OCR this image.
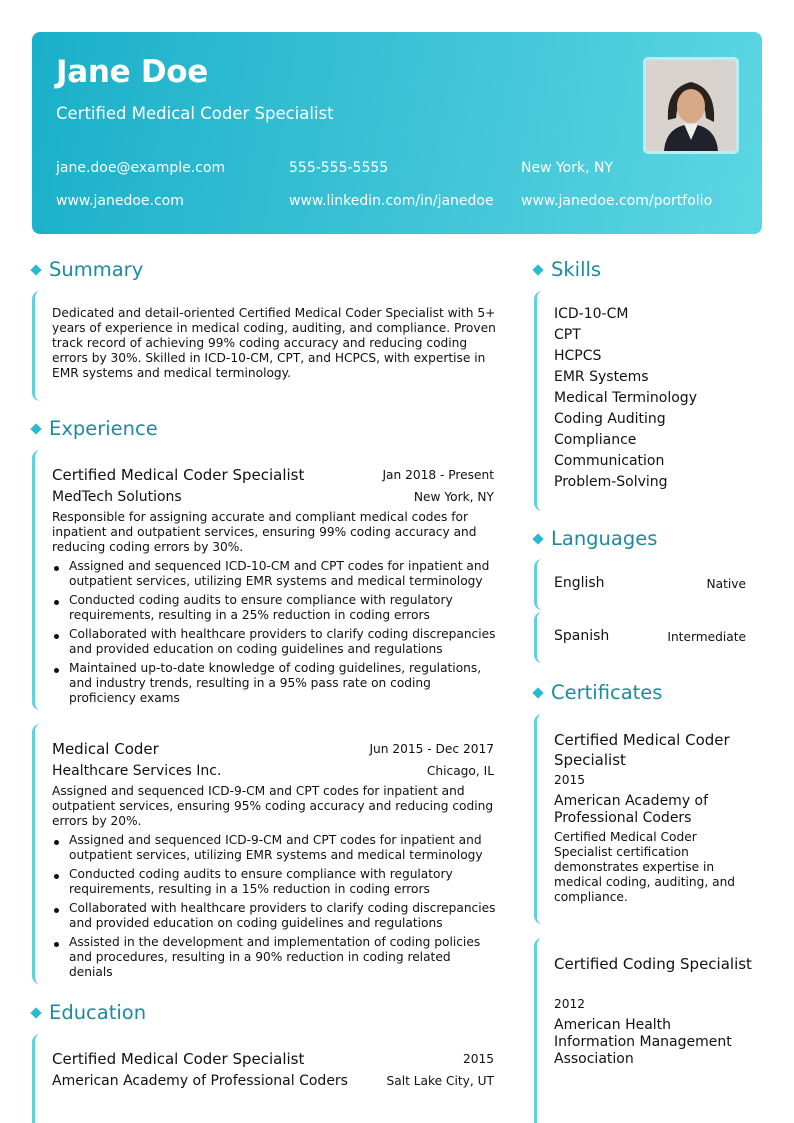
Jane Doe
Certified Medical Coder Specialist
jane.doe@example.com	555-555-5555	New York, NY
www.janedoe.com	www.linkedin.com/in/janedoe www.janedoe.com/portfolio
Summary
Dedicated and detail-oriented Certified Medical Coder Specialist with 5+ years of experience in medical coding, auditing, and compliance. Proven track record of achieving 99% coding accuracy and reducing coding errors by 30%. Skilled in ICD-10-CM, CPT, and HCPCS, with expertise in EMR systems and medical terminology.
Experience
Certified Medical Coder Specialist	Jan 2018 - Present
MedTech Solutions	New York, NY
Responsible for assigning accurate and compliant medical codes for inpatient and outpatient services, ensuring 99% coding accuracy and reducing coding errors by 30%.
Assigned and sequenced ICD-10-CM and CPT codes for inpatient and outpatient services, utilizing EMR systems and medical terminology
Conducted coding audits to ensure compliance with regulatory requirements, resulting in a 25% reduction in coding errors
Collaborated with healthcare providers to clarify coding discrepancies and provided education on coding guidelines and regulations
Maintained up-to-date knowledge of coding guidelines, regulations, and industry trends, resulting in a 95% pass rate on coding proficiency exams
Medical Coder	Jun 2015 - Dec 2017
Healthcare Services Inc.	Chicago, IL
Assigned and sequenced ICD-9-CM and CPT codes for inpatient and outpatient services, ensuring 95% coding accuracy and reducing coding errors by 20%.
Assigned and sequenced ICD-9-CM and CPT codes for inpatient and outpatient services, utilizing EMR systems and medical terminology
Conducted coding audits to ensure compliance with regulatory requirements, resulting in a 15% reduction in coding errors
Collaborated with healthcare providers to clarify coding discrepancies and provided education on coding guidelines and regulations
Assisted in the development and implementation of coding policies and procedures, resulting in a 90% reduction in coding related denials
Education
Certified Medical Coder Specialist	2015
American Academy of Professional Coders	Salt Lake City, UT
Skills
ICD-10-CM
CPT
HCPCS
EMR Systems
Medical Terminology
Coding Auditing
Compliance
Communication
Problem-Solving
Languages
English	Native
Spanish	Intermediate
Certificates
Certified Medical Coder Specialist
2015
American Academy of Professional Coders
Certified Medical Coder Specialist certification demonstrates expertise in medical coding, auditing, and compliance.
Certified Coding Specialist
2012
American Health Information Management Association
